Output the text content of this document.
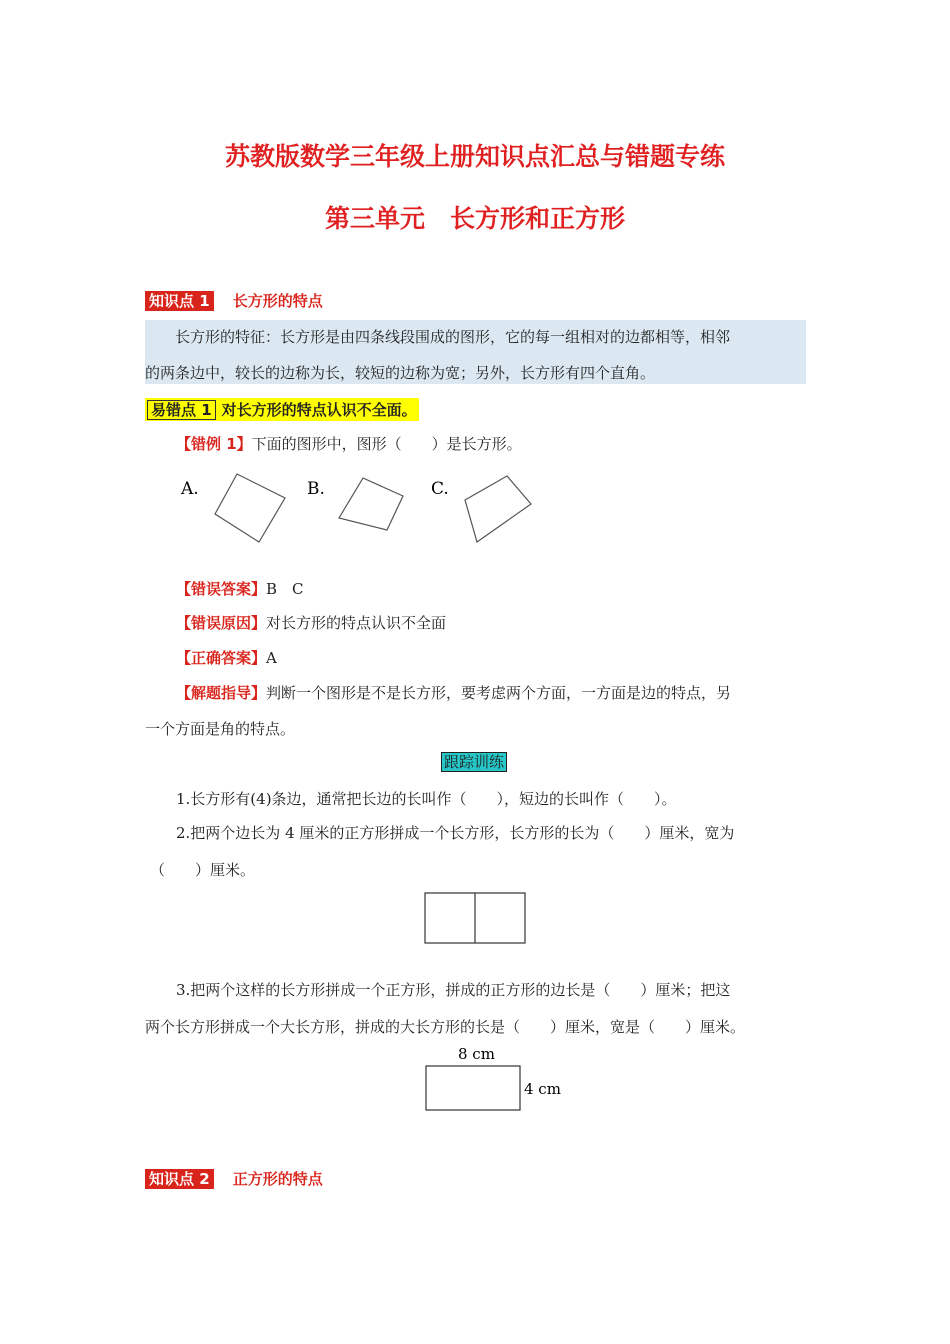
苏教版数学三年级上册知识点汇总与错题专练
第三单元　长方形和正方形
知识点 1 长方形的特点
长方形的特征：长方形是由四条线段围成的图形，它的每一组相对的边都相等，相邻
的两条边中，较长的边称为长，较短的边称为宽；另外，长方形有四个直角。
易错点 1 对长方形的特点认识不全面。
【错例 1】下面的图形中，图形（　　）是长方形。
A.	B.	C.
【错误答案】B　C
【错误原因】对长方形的特点认识不全面
【正确答案】A
【解题指导】判断一个图形是不是长方形，要考虑两个方面，一方面是边的特点，另
一个方面是角的特点。
跟踪训练
1.长方形有(4)条边，通常把长边的长叫作（　　），短边的长叫作（　　）。
2.把两个边长为 4 厘米的正方形拼成一个长方形，长方形的长为（　　）厘米，宽为
（　　）厘米。
3.把两个这样的长方形拼成一个正方形，拼成的正方形的边长是（　　）厘米；把这
两个长方形拼成一个大长方形，拼成的大长方形的长是（　　）厘米，宽是（　　）厘米。
8 cm
4 cm
知识点 2 正方形的特点
